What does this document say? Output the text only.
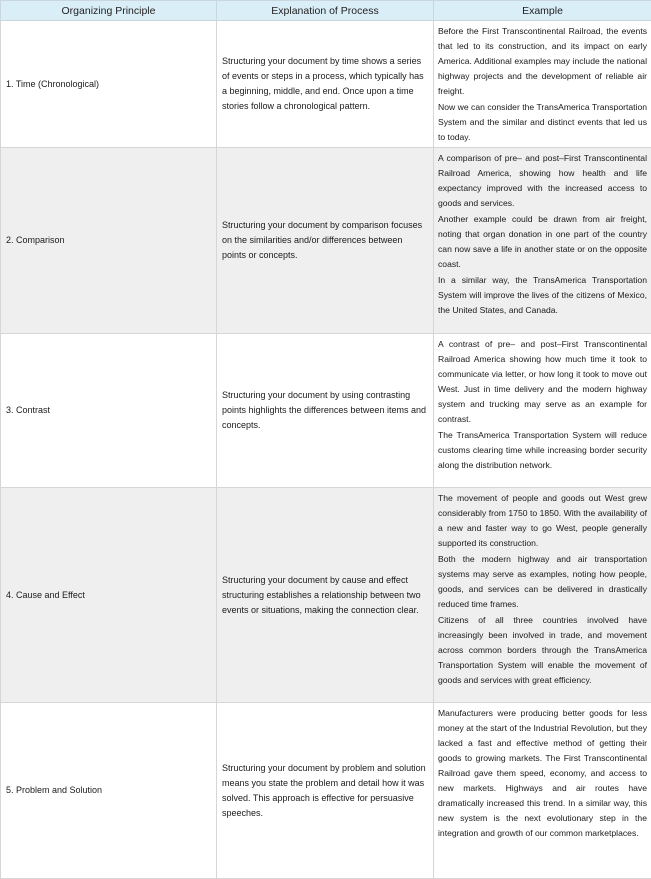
Organizing Principle	Explanation of Process	Example

1. Time (Chronological)	Structuring your document by time shows a series of events or steps in a process, which typically has a beginning, middle, and end. Once upon a time stories follow a chronological pattern.	Before the First Transcontinental Railroad, the events that led to its construction, and its impact on early America. Additional examples may include the national highway projects and the development of reliable air freight.

Now we can consider the TransAmerica Transportation System and the similar and distinct events that led us to today.

2. Comparison	Structuring your document by comparison focuses on the similarities and/or differences between points or concepts.	A comparison of pre– and post–First Transcontinental Railroad America, showing how health and life expectancy improved with the increased access to goods and services.

Another example could be drawn from air freight, noting that organ donation in one part of the country can now save a life in another state or on the opposite coast.

In a similar way, the TransAmerica Transportation System will improve the lives of the citizens of Mexico, the United States, and Canada.

3. Contrast	Structuring your document by using contrasting points highlights the differences between items and concepts.	A contrast of pre– and post–First Transcontinental Railroad America showing how much time it took to communicate via letter, or how long it took to move out West. Just in time delivery and the modern highway system and trucking may serve as an example for contrast.

The TransAmerica Transportation System will reduce customs clearing time while increasing border security along the distribution network.

4. Cause and Effect	Structuring your document by cause and effect structuring establishes a relationship between two events or situations, making the connection clear.	The movement of people and goods out West grew considerably from 1750 to 1850. With the availability of a new and faster way to go West, people generally supported its construction.

Both the modern highway and air transportation systems may serve as examples, noting how people, goods, and services can be delivered in drastically reduced time frames.

Citizens of all three countries involved have increasingly been involved in trade, and movement across common borders through the TransAmerica Transportation System will enable the movement of goods and services with great efficiency.

5. Problem and Solution	Structuring your document by problem and solution means you state the problem and detail how it was solved. This approach is effective for persuasive speeches.	Manufacturers were producing better goods for less money at the start of the Industrial Revolution, but they lacked a fast and effective method of getting their goods to growing markets. The First Transcontinental Railroad gave them speed, economy, and access to new markets. Highways and air routes have dramatically increased this trend. In a similar way, this new system is the next evolutionary step in the integration and growth of our common marketplaces.
